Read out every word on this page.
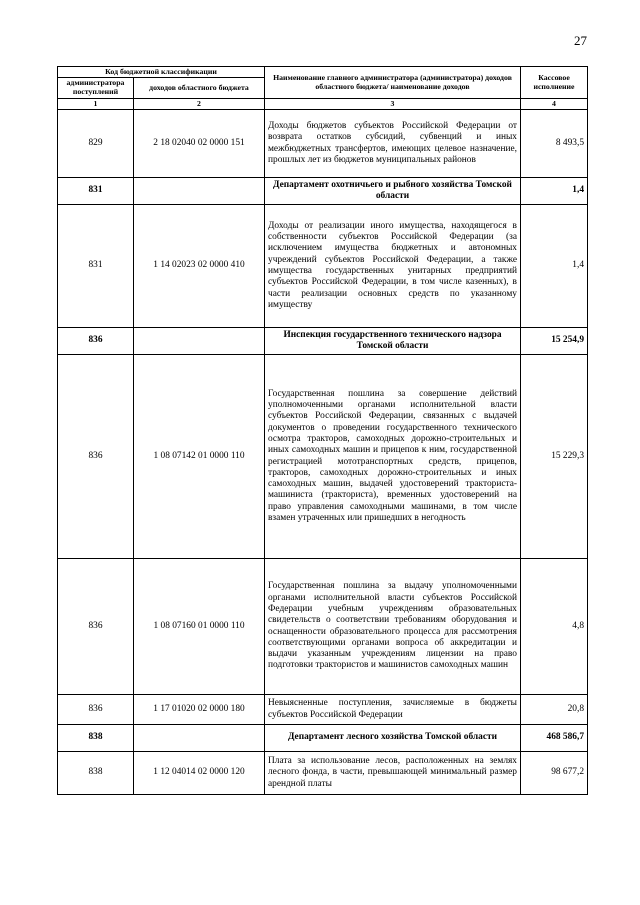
27
Код бюджетной классификации		Наименование главного администратора (администратора) доходов областного бюджета/ наименование доходов	Кассовое исполнение
администратора поступлений	доходов областного бюджета		
1	2	3	4
829	2 18 02040 02 0000 151	Доходы бюджетов субъектов Российской Федерации от возврата остатков субсидий, субвенций и иных межбюджетных трансфертов, имеющих целевое назначение, прошлых лет из бюджетов муниципальных районов	8 493,5
831		Департамент охотничьего и рыбного хозяйства Томской области	1,4
831	1 14 02023 02 0000 410	Доходы от реализации иного имущества, находящегося в собственности субъектов Российской Федерации (за исключением имущества бюджетных и автономных учреждений субъектов Российской Федерации, а также имущества государственных унитарных предприятий субъектов Российской Федерации, в том числе казенных), в части реализации основных средств по указанному имуществу	1,4
836		Инспекция государственного технического надзора Томской области	15 254,9
836	1 08 07142 01 0000 110	Государственная пошлина за совершение действий уполномоченными органами исполнительной власти субъектов Российской Федерации, связанных с выдачей документов о проведении государственного технического осмотра тракторов, самоходных дорожно-строительных и иных самоходных машин и прицепов к ним, государственной регистрацией мототранспортных средств, прицепов, тракторов, самоходных дорожно-строительных и иных самоходных машин, выдачей удостоверений тракториста-машиниста (тракториста), временных удостоверений на право управления самоходными машинами, в том числе взамен утраченных или пришедших в негодность	15 229,3
836	1 08 07160 01 0000 110	Государственная пошлина за выдачу уполномоченными органами исполнительной власти субъектов Российской Федерации учебным учреждениям образовательных свидетельств о соответствии требованиям оборудования и оснащенности образовательного процесса для рассмотрения соответствующими органами вопроса об аккредитации и выдачи указанным учреждениям лицензии на право подготовки трактористов и машинистов самоходных машин	4,8
836	1 17 01020 02 0000 180	Невыясненные поступления, зачисляемые в бюджеты субъектов Российской Федерации	20,8
838		Департамент лесного хозяйства Томской области	468 586,7
838	1 12 04014 02 0000 120	Плата за использование лесов, расположенных на землях лесного фонда, в части, превышающей минимальный размер арендной платы	98 677,2
